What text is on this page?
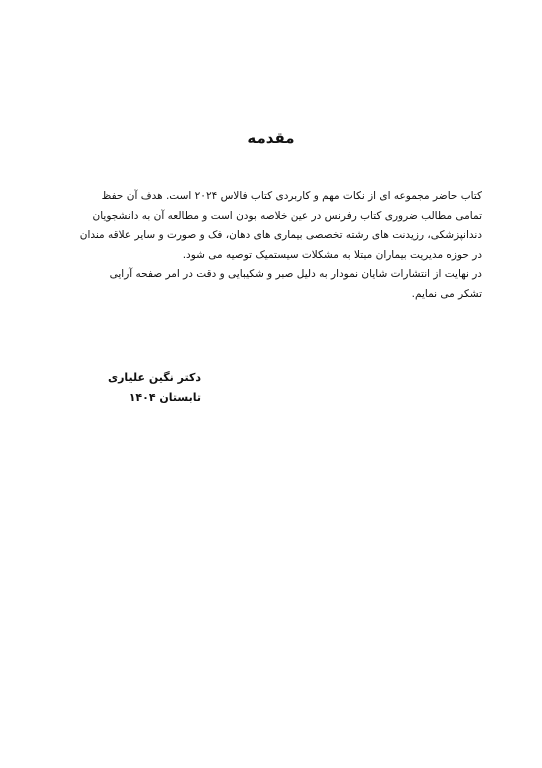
مقدمه

کتاب حاضر مجموعه ای از نکات مهم و کاربردی کتاب فالاس ۲۰۲۴ است. هدف آن حفظ
تمامی مطالب ضروری کتاب رفرنس در عین خلاصه بودن است و مطالعه آن به دانشجویان
دندانپزشکی، رزیدنت های رشته تخصصی بیماری های دهان، فک و صورت و سایر علاقه مندان
در حوزه مدیریت بیماران مبتلا به مشکلات سیستمیک توصیه می شود.

در نهایت از انتشارات شایان نمودار به دلیل صبر و شکیبایی و دقت در امر صفحه آرایی
تشکر می نمایم.

دکتر نگین علیاری
تابستان ۱۴۰۴
